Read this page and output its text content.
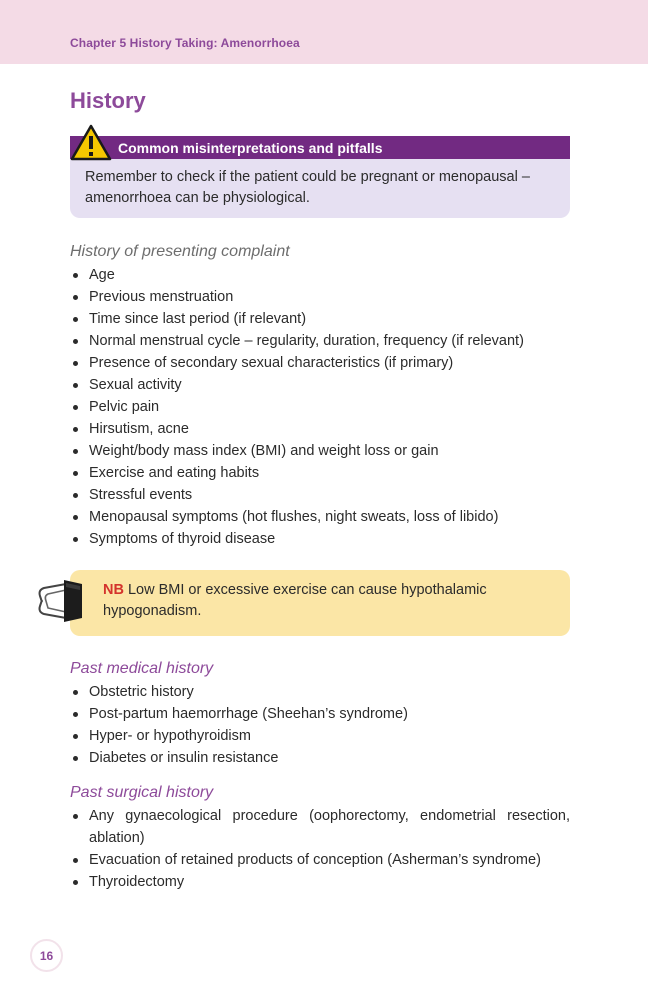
Chapter 5 History Taking: Amenorrhoea
History
Common misinterpretations and pitfalls

Remember to check if the patient could be pregnant or menopausal – amenorrhoea can be physiological.

History of presenting complaint
Age
Previous menstruation
Time since last period (if relevant)
Normal menstrual cycle – regularity, duration, frequency (if relevant)
Presence of secondary sexual characteristics (if primary)
Sexual activity
Pelvic pain
Hirsutism, acne
Weight/body mass index (BMI) and weight loss or gain
Exercise and eating habits
Stressful events
Menopausal symptoms (hot flushes, night sweats, loss of libido)
Symptoms of thyroid disease

NB Low BMI or excessive exercise can cause hypothalamic hypogonadism.

Past medical history
Obstetric history
Post-partum haemorrhage (Sheehan’s syndrome)
Hyper- or hypothyroidism
Diabetes or insulin resistance
Past surgical history
Any gynaecological procedure (oophorectomy, endometrial resection, ablation)
Evacuation of retained products of conception (Asherman’s syndrome)
Thyroidectomy
16
